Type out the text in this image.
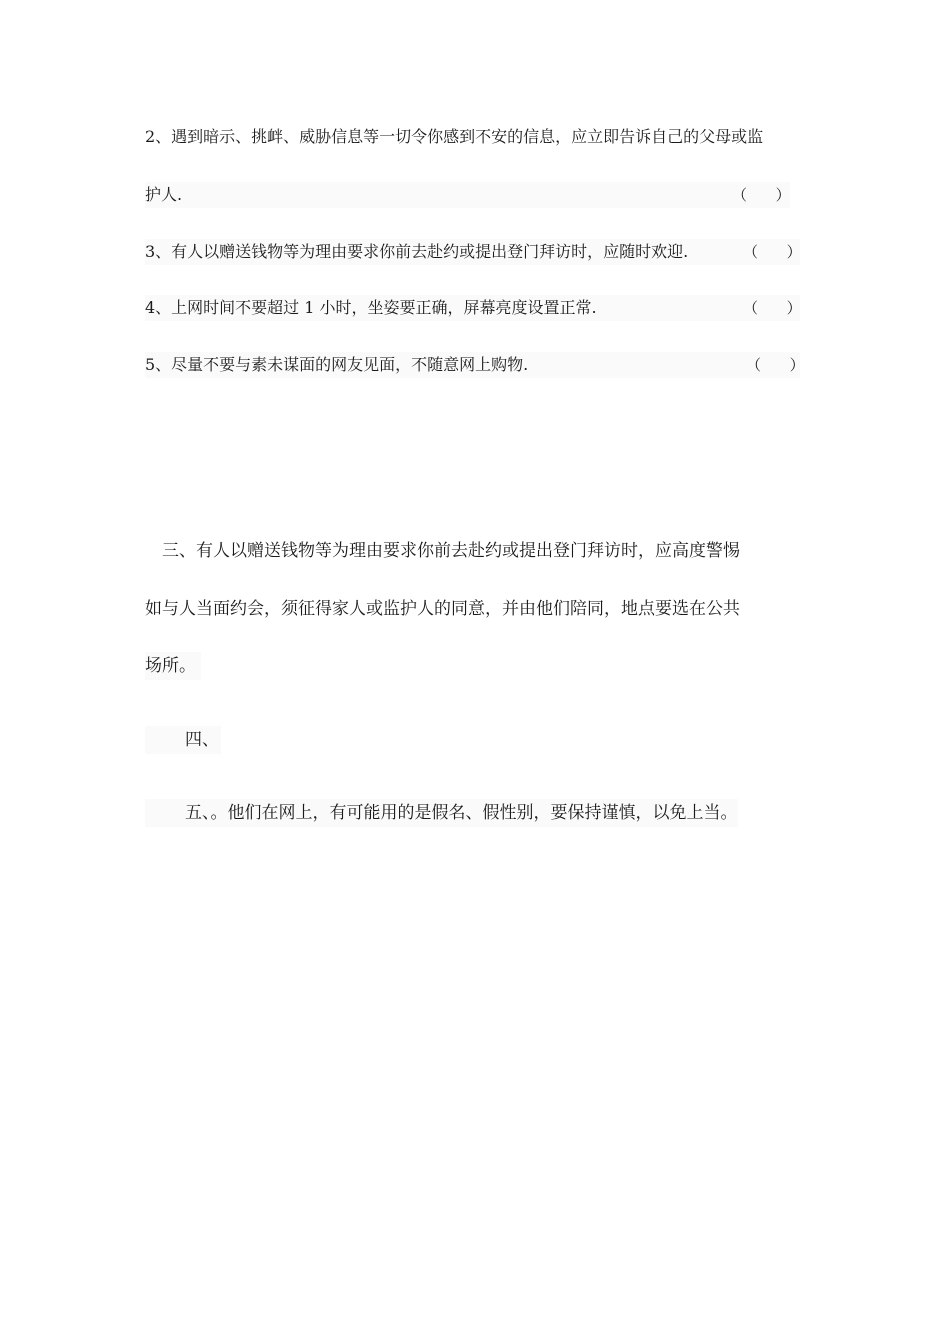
2、遇到暗示、挑衅、威胁信息等一切令你感到不安的信息，应立即告诉自己的父母或监
护人.	（      ）
3、有人以赠送钱物等为理由要求你前去赴约或提出登门拜访时，应随时欢迎.	（      ）
4、上网时间不要超过 1 小时，坐姿要正确，屏幕亮度设置正常.	（      ）
5、尽量不要与素未谋面的网友见面，不随意网上购物.	（      ）
三、有人以赠送钱物等为理由要求你前去赴约或提出登门拜访时，应高度警惕
如与人当面约会，须征得家人或监护人的同意，并由他们陪同，地点要选在公共
场所。
四、
五、。他们在网上，有可能用的是假名、假性别，要保持谨慎，以免上当。
